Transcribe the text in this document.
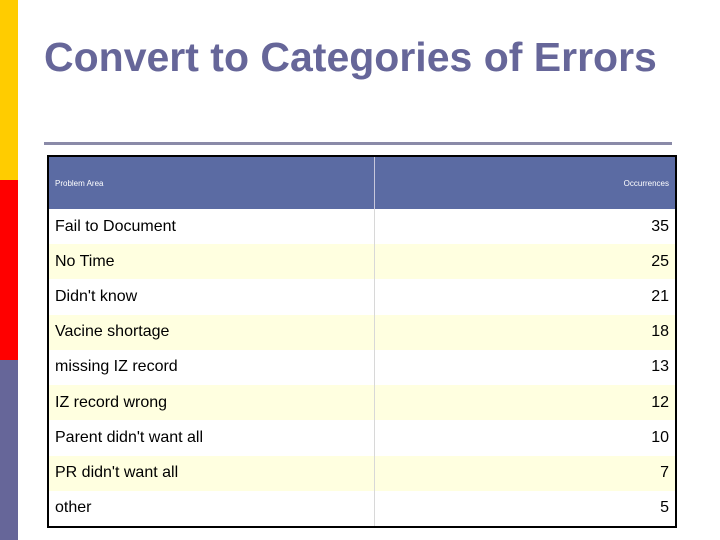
Convert to Categories of Errors
Problem Area	Occurrences
Fail to Document	35
No Time	25
Didn't know	21
Vacine shortage	18
missing IZ record	13
IZ record wrong	12
Parent didn't want all	10
PR didn't want all	7
other	5
